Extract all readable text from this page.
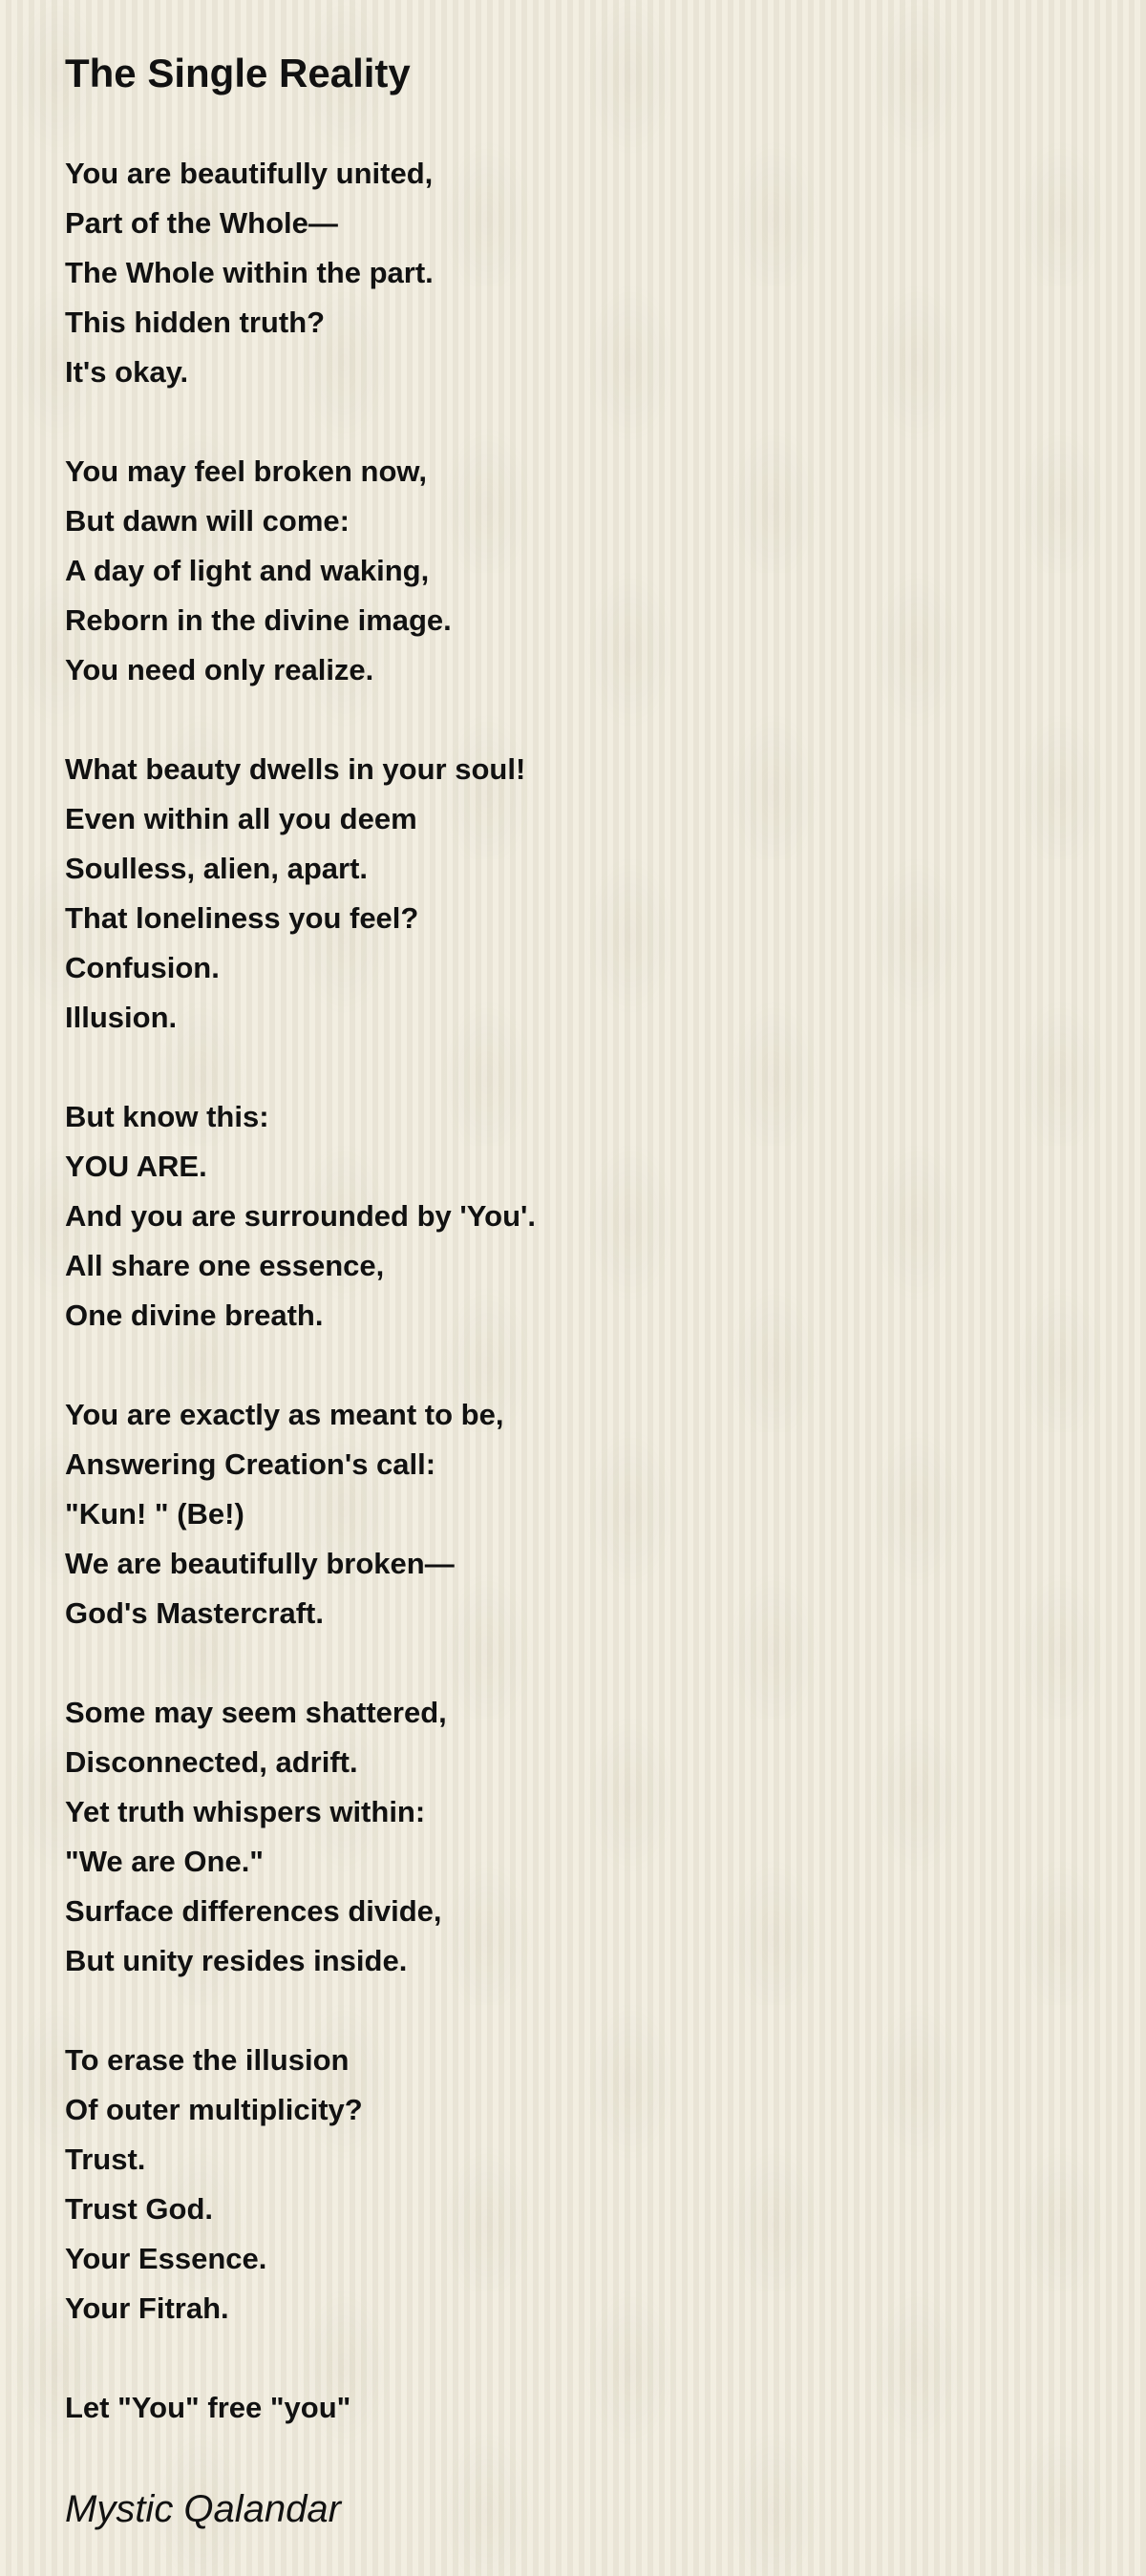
The Single Reality
You are beautifully united,
Part of the Whole—
The Whole within the part.
This hidden truth?
It's okay.
You may feel broken now,
But dawn will come:
A day of light and waking,
Reborn in the divine image.
You need only realize.
What beauty dwells in your soul!
Even within all you deem
Soulless, alien, apart.
That loneliness you feel?
Confusion.
Illusion.
But know this:
YOU ARE.
And you are surrounded by 'You'.
All share one essence,
One divine breath.
You are exactly as meant to be,
Answering Creation's call:
"Kun! " (Be!)
We are beautifully broken—
God's Mastercraft.
Some may seem shattered,
Disconnected, adrift.
Yet truth whispers within:
"We are One."
Surface differences divide,
But unity resides inside.
To erase the illusion
Of outer multiplicity?
Trust.
Trust God.
Your Essence.
Your Fitrah.
Let "You" free "you"
Mystic Qalandar
